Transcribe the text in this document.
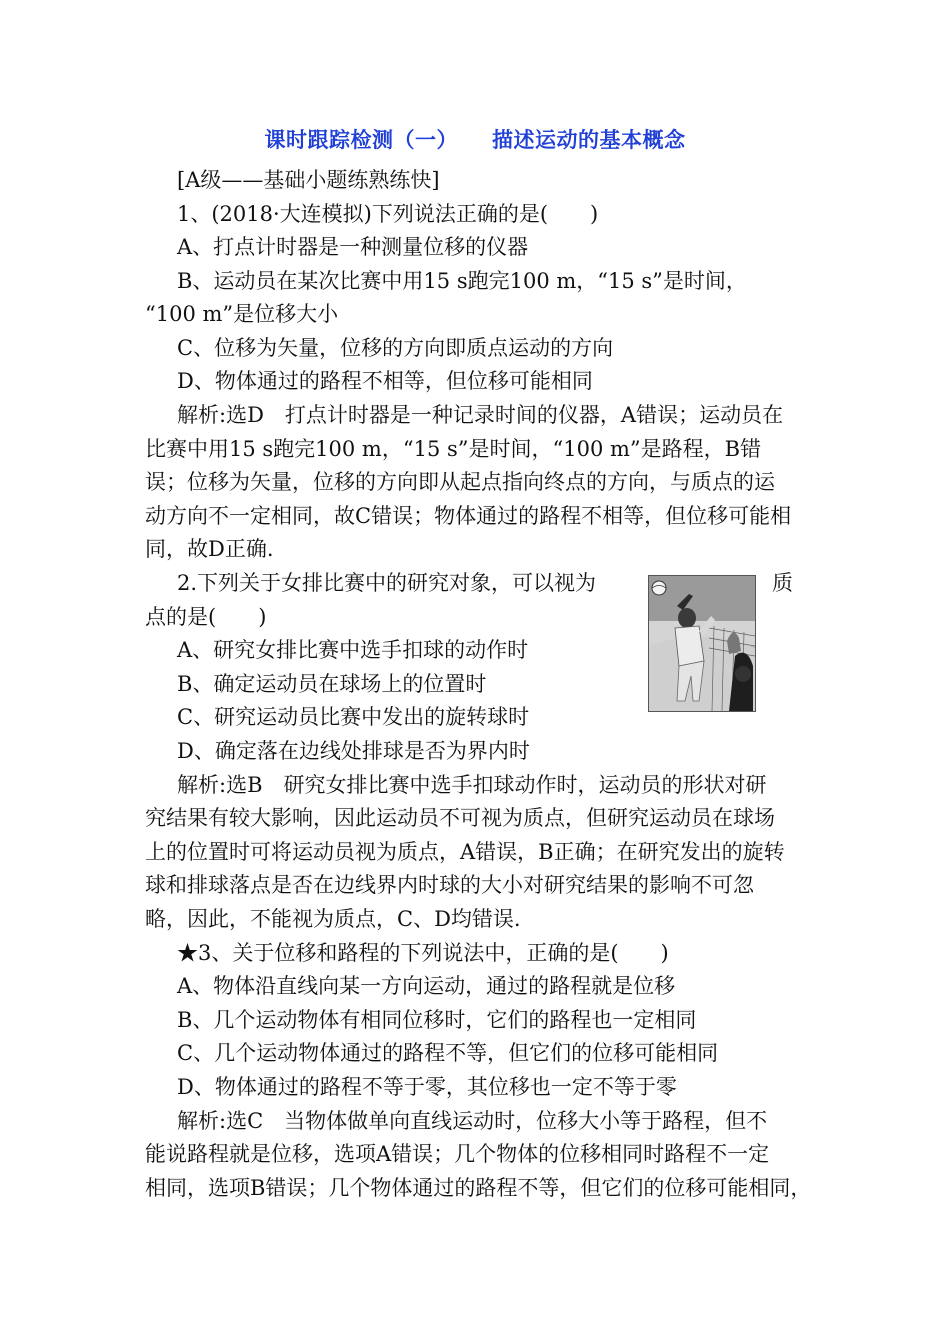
课时跟踪检测（一） 描述运动的基本概念
[A级——基础小题练熟练快]
1、(2018·大连模拟)下列说法正确的是(　　)
A、打点计时器是一种测量位移的仪器
B、运动员在某次比赛中用15 s跑完100 m，“15 s”是时间，
“100 m”是位移大小
C、位移为矢量，位移的方向即质点运动的方向
D、物体通过的路程不相等，但位移可能相同
解析:选D　打点计时器是一种记录时间的仪器，A错误；运动员在
比赛中用15 s跑完100 m，“15 s”是时间，“100 m”是路程，B错
误；位移为矢量，位移的方向即从起点指向终点的方向，与质点的运
动方向不一定相同，故C错误；物体通过的路程不相等，但位移可能相
同，故D正确.
2.下列关于女排比赛中的研究对象，可以视为	质
点的是(　　)
A、研究女排比赛中选手扣球的动作时
B、确定运动员在球场上的位置时
C、研究运动员比赛中发出的旋转球时
D、确定落在边线处排球是否为界内时
解析:选B　研究女排比赛中选手扣球动作时，运动员的形状对研
究结果有较大影响，因此运动员不可视为质点，但研究运动员在球场
上的位置时可将运动员视为质点，A错误，B正确；在研究发出的旋转
球和排球落点是否在边线界内时球的大小对研究结果的影响不可忽
略，因此，不能视为质点，C、D均错误.
★3、关于位移和路程的下列说法中，正确的是(　　)
A、物体沿直线向某一方向运动，通过的路程就是位移
B、几个运动物体有相同位移时，它们的路程也一定相同
C、几个运动物体通过的路程不等，但它们的位移可能相同
D、物体通过的路程不等于零，其位移也一定不等于零
解析:选C　当物体做单向直线运动时，位移大小等于路程，但不
能说路程就是位移，选项A错误；几个物体的位移相同时路程不一定
相同，选项B错误；几个物体通过的路程不等，但它们的位移可能相同，
